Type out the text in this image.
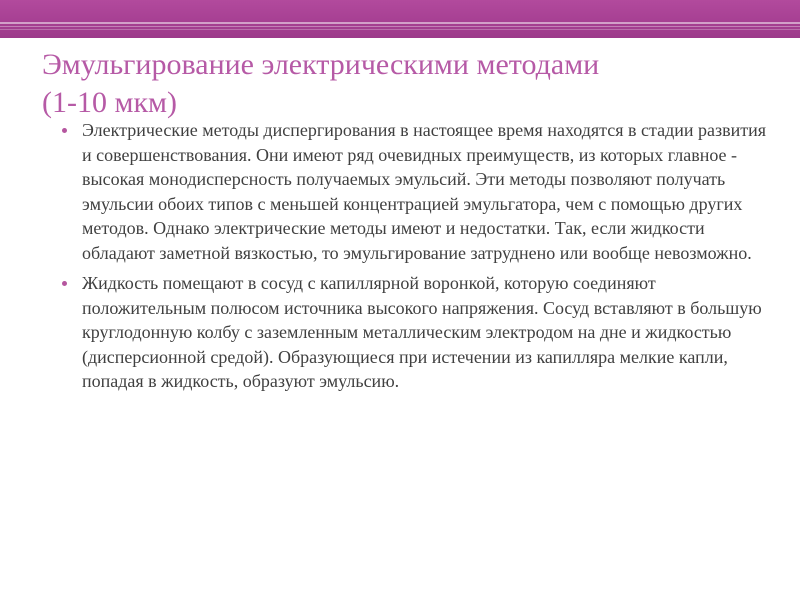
Эмульгирование электрическими методами
(1-10 мкм)
Электрические методы диспергирования в настоящее время находятся в стадии развития и совершенствования. Они имеют ряд очевидных преимуществ, из которых главное - высокая монодисперсность получаемых эмульсий. Эти методы позволяют получать эмульсии обоих типов с меньшей концентрацией эмульгатора, чем с помощью других методов. Однако электрические методы имеют и недостатки. Так, если жидкости обладают заметной вязкостью, то эмульгирование затруднено или вообще невозможно.
Жидкость помещают в сосуд с капиллярной воронкой, которую соединяют положительным полюсом источника высокого напряжения. Сосуд вставляют в большую круглодонную колбу с заземленным металлическим электродом на дне и жидкостью (дисперсионной средой). Образующиеся при истечении из капилляра мелкие капли, попадая в жидкость, образуют эмульсию.
